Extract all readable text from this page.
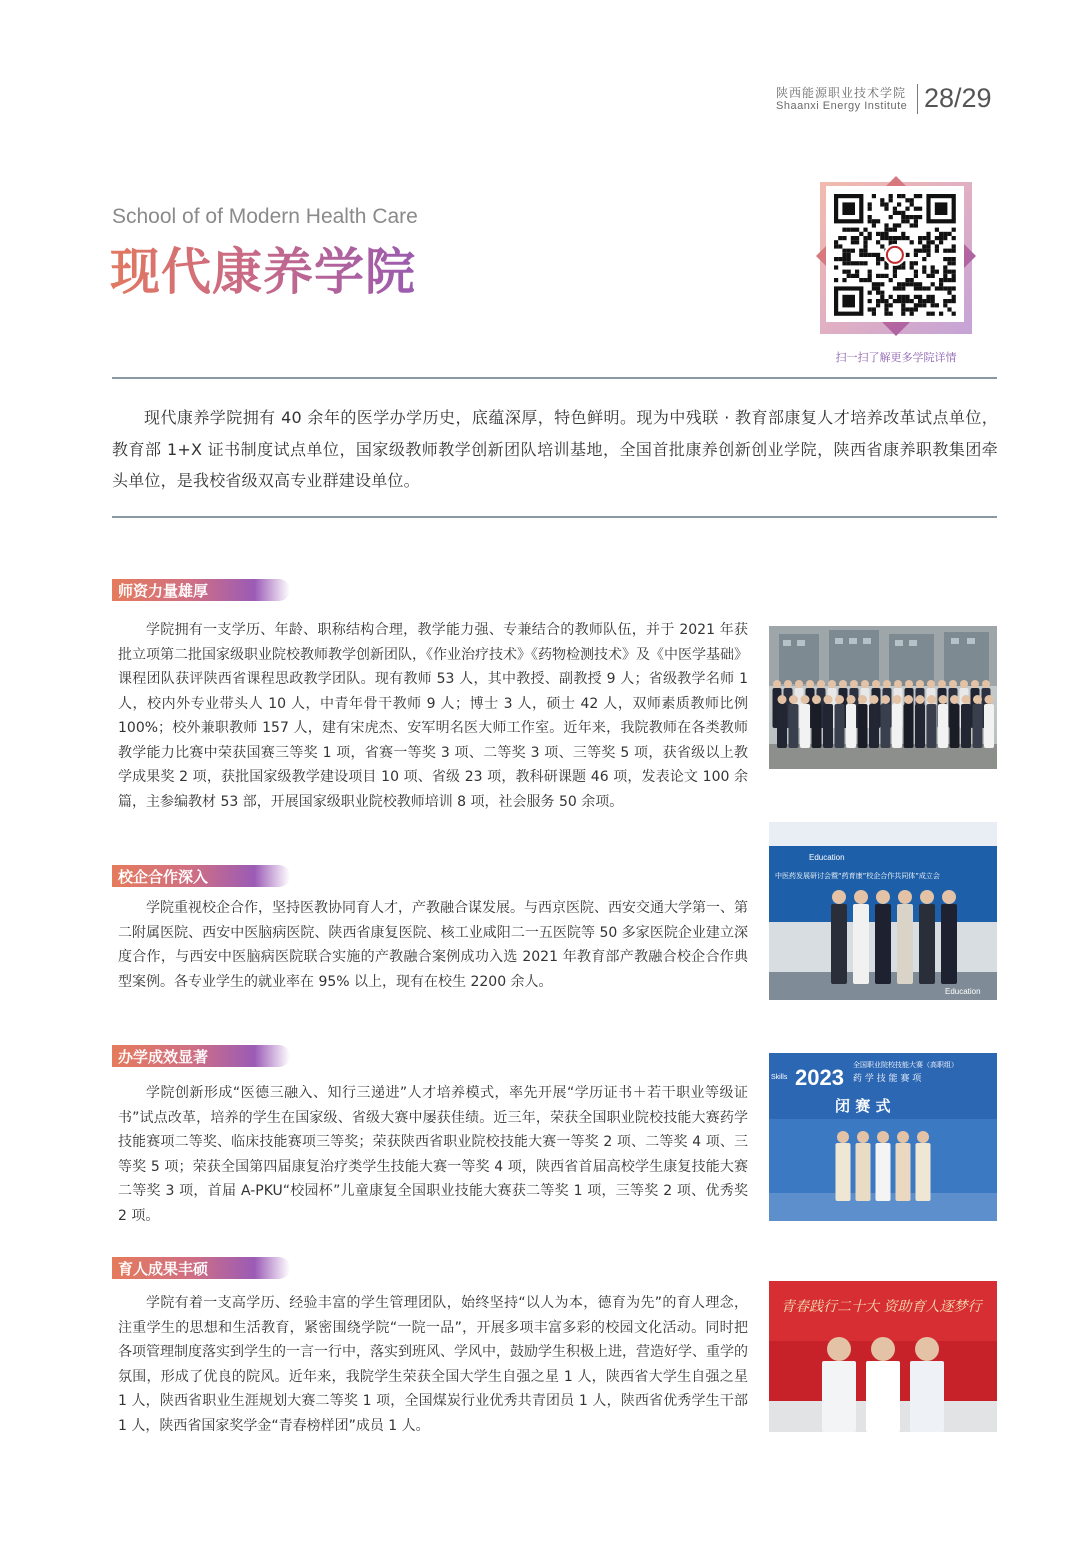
陕西能源职业技术学院
Shaanxi Energy Institute 28/29
School of of Modern Health Care
现代康养学院
扫一扫了解更多学院详情
现代康养学院拥有 40 余年的医学办学历史，底蕴深厚，特色鲜明。现为中残联 · 教育部康复人才培养改革试点单位，教育部 1+X 证书制度试点单位，国家级教师教学创新团队培训基地，全国首批康养创新创业学院，陕西省康养职教集团牵头单位，是我校省级双高专业群建设单位。
师资力量雄厚
学院拥有一支学历、年龄、职称结构合理，教学能力强、专兼结合的教师队伍，并于 2021 年获批立项第二批国家级职业院校教师教学创新团队，《作业治疗技术》《药物检测技术》及《中医学基础》课程团队获评陕西省课程思政教学团队。现有教师 53 人，其中教授、副教授 9 人；省级教学名师 1 人，校内外专业带头人 10 人，中青年骨干教师 9 人；博士 3 人，硕士 42 人，双师素质教师比例 100%；校外兼职教师 157 人，建有宋虎杰、安军明名医大师工作室。近年来，我院教师在各类教师教学能力比赛中荣获国赛三等奖 1 项，省赛一等奖 3 项、二等奖 3 项、三等奖 5 项，获省级以上教学成果奖 2 项，获批国家级教学建设项目 10 项、省级 23 项，教科研课题 46 项，发表论文 100 余篇，主参编教材 53 部，开展国家级职业院校教师培训 8 项，社会服务 50 余项。
校企合作深入
学院重视校企合作，坚持医教协同育人才，产教融合谋发展。与西京医院、西安交通大学第一、第二附属医院、西安中医脑病医院、陕西省康复医院、核工业咸阳二一五医院等 50 多家医院企业建立深度合作，与西安中医脑病医院联合实施的产教融合案例成功入选 2021 年教育部产教融合校企合作典型案例。各专业学生的就业率在 95% 以上，现有在校生 2200 余人。
Education
中医药发展研讨会暨“药育康”校企合作共同体”成立会
Education
办学成效显著
学院创新形成“医德三融入、知行三递进”人才培养模式，率先开展“学历证书＋若干职业等级证书”试点改革，培养的学生在国家级、省级大赛中屡获佳绩。近三年，荣获全国职业院校技能大赛药学技能赛项二等奖、临床技能赛项三等奖；荣获陕西省职业院校技能大赛一等奖 2 项、二等奖 4 项、三等奖 5 项；荣获全国第四届康复治疗类学生技能大赛一等奖 4 项，陕西省首届高校学生康复技能大赛二等奖 3 项，首届 A-PKU“校园杯”儿童康复全国职业技能大赛获二等奖 1 项，三等奖 2 项、优秀奖 2 项。
Skills 2023 全国职业院校技能大赛（高职组）
药 学 技 能 赛 项
闭 赛 式
育人成果丰硕
学院有着一支高学历、经验丰富的学生管理团队，始终坚持“以人为本，德育为先”的育人理念，注重学生的思想和生活教育，紧密围绕学院“一院一品”，开展多项丰富多彩的校园文化活动。同时把各项管理制度落实到学生的一言一行中，落实到班风、学风中，鼓励学生积极上进，营造好学、重学的氛围，形成了优良的院风。近年来，我院学生荣获全国大学生自强之星 1 人，陕西省大学生自强之星 1 人，陕西省职业生涯规划大赛二等奖 1 项，全国煤炭行业优秀共青团员 1 人，陕西省优秀学生干部 1 人，陕西省国家奖学金“青春榜样团”成员 1 人。
青春践行二十大 资助育人逐梦行
